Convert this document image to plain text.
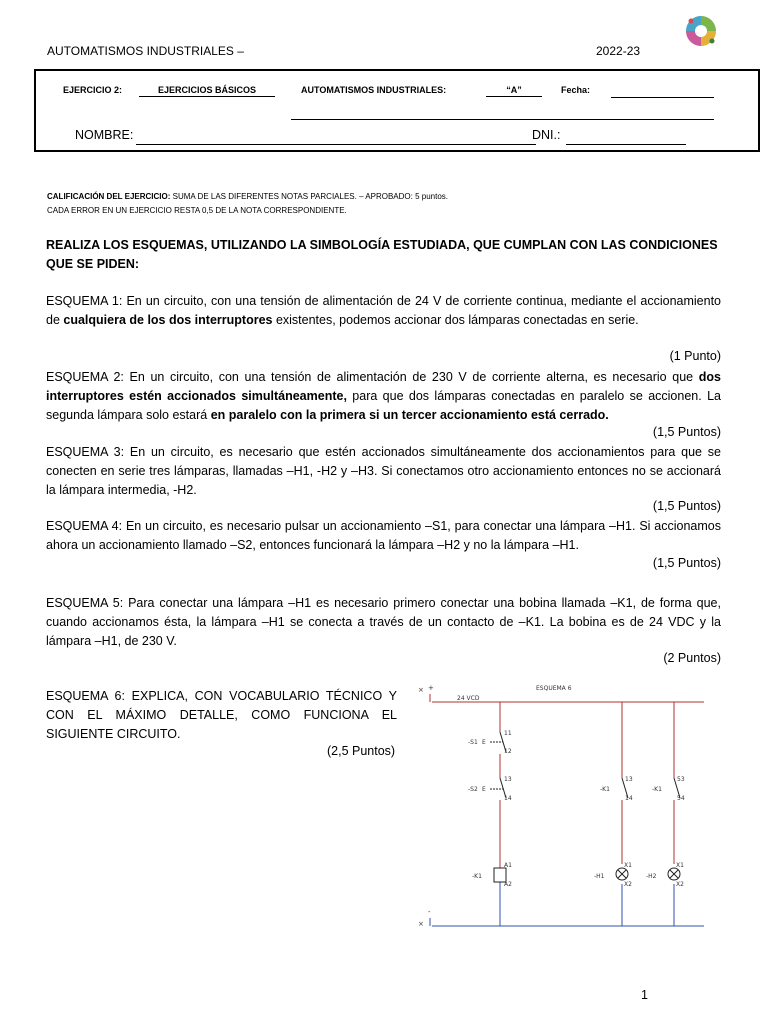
AUTOMATISMOS INDUSTRIALES –	2022-23
EJERCICIO 2:	EJERCICIOS BÁSICOS	AUTOMATISMOS INDUSTRIALES:	“A”	Fecha:
NOMBRE:	DNI.:
CALIFICACIÓN DEL EJERCICIO: SUMA DE LAS DIFERENTES NOTAS PARCIALES. – APROBADO: 5 puntos.
CADA ERROR EN UN EJERCICIO RESTA 0,5 DE LA NOTA CORRESPONDIENTE.
REALIZA LOS ESQUEMAS, UTILIZANDO LA SIMBOLOGÍA ESTUDIADA, QUE CUMPLAN CON LAS CONDICIONES QUE SE PIDEN:
ESQUEMA 1: En un circuito, con una tensión de alimentación de 24 V de corriente continua, mediante el accionamiento de cualquiera de los dos interruptores existentes, podemos accionar dos lámparas conectadas en serie.
(1 Punto)
ESQUEMA 2: En un circuito, con una tensión de alimentación de 230 V de corriente alterna, es necesario que dos interruptores estén accionados simultáneamente, para que dos lámparas conectadas en paralelo se accionen. La segunda lámpara solo estará en paralelo con la primera si un tercer accionamiento está cerrado.
(1,5 Puntos)
ESQUEMA 3: En un circuito, es necesario que estén accionados simultáneamente dos accionamientos para que se conecten en serie tres lámparas, llamadas –H1, -H2 y –H3. Si conectamos otro accionamiento entonces no se accionará la lámpara intermedia, -H2.
(1,5 Puntos)
ESQUEMA 4: En un circuito, es necesario pulsar un accionamiento –S1, para conectar una lámpara –H1. Si accionamos ahora un accionamiento llamado –S2, entonces funcionará la lámpara –H2 y no la lámpara –H1.
(1,5 Puntos)
ESQUEMA 5: Para conectar una lámpara –H1 es necesario primero conectar una bobina llamada –K1, de forma que, cuando accionamos ésta, la lámpara –H1 se conecta a través de un contacto de –K1. La bobina es de 24 VDC y la lámpara –H1, de 230 V.
(2 Puntos)
ESQUEMA 6: EXPLICA, CON VOCABULARIO TÉCNICO Y CON EL MÁXIMO DETALLE, COMO FUNCIONA EL SIGUIENTE CIRCUITO.
(2,5 Puntos)
ESQUEMA 6
+
×
24 VCD
-
×
-S1 E
11
12
-S2 E
13
14
-K1
13
14
-K1
53
54
-K1
A1
A2
-H1
X1
X2
-H2
X1
X2
1
